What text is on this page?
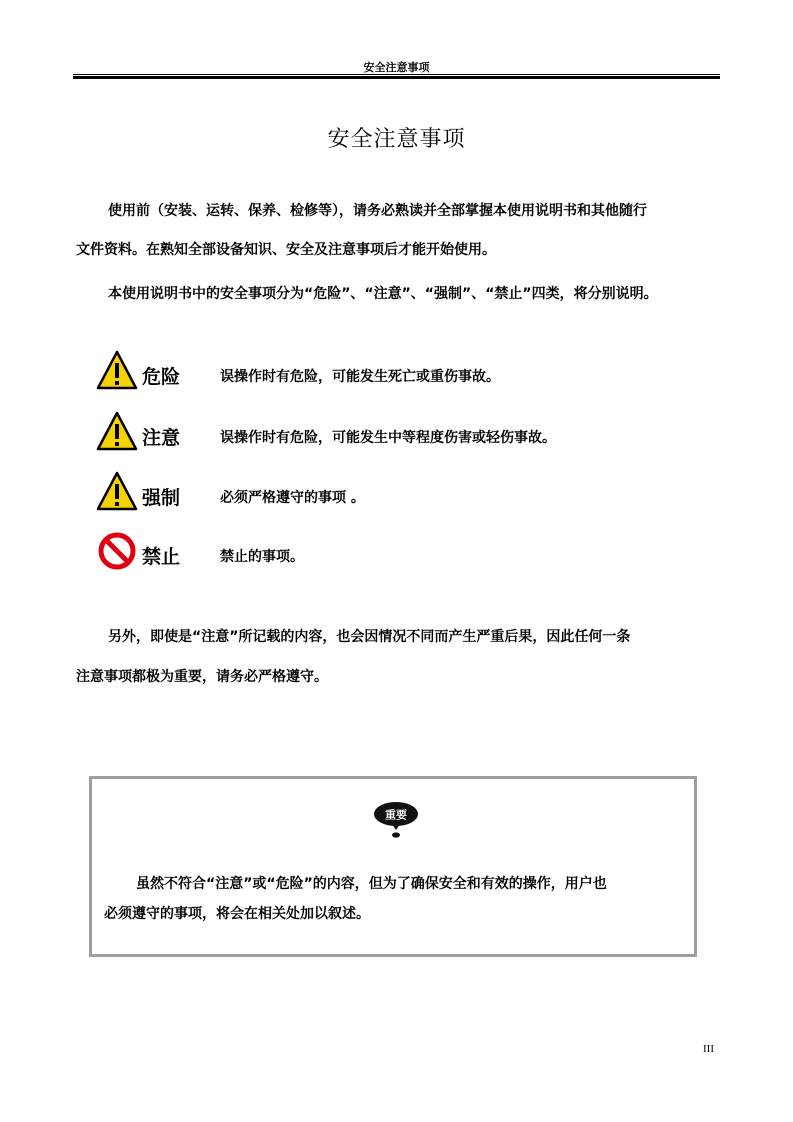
安全注意事项
安全注意事项
使用前（安装、运转、保养、检修等），请务必熟读并全部掌握本使用说明书和其他随行
文件资料。在熟知全部设备知识、安全及注意事项后才能开始使用。
本使用说明书中的安全事项分为“危险”、“注意”、“强制”、“禁止”四类，将分别说明。
危险	误操作时有危险，可能发生死亡或重伤事故。
注意	误操作时有危险，可能发生中等程度伤害或轻伤事故。
强制	必须严格遵守的事项 。
禁止	禁止的事项。
另外，即使是“注意”所记载的内容，也会因情况不同而产生严重后果，因此任何一条
注意事项都极为重要，请务必严格遵守。
重要
虽然不符合“注意”或“危险”的内容，但为了确保安全和有效的操作，用户也
必须遵守的事项，将会在相关处加以叙述。
III
